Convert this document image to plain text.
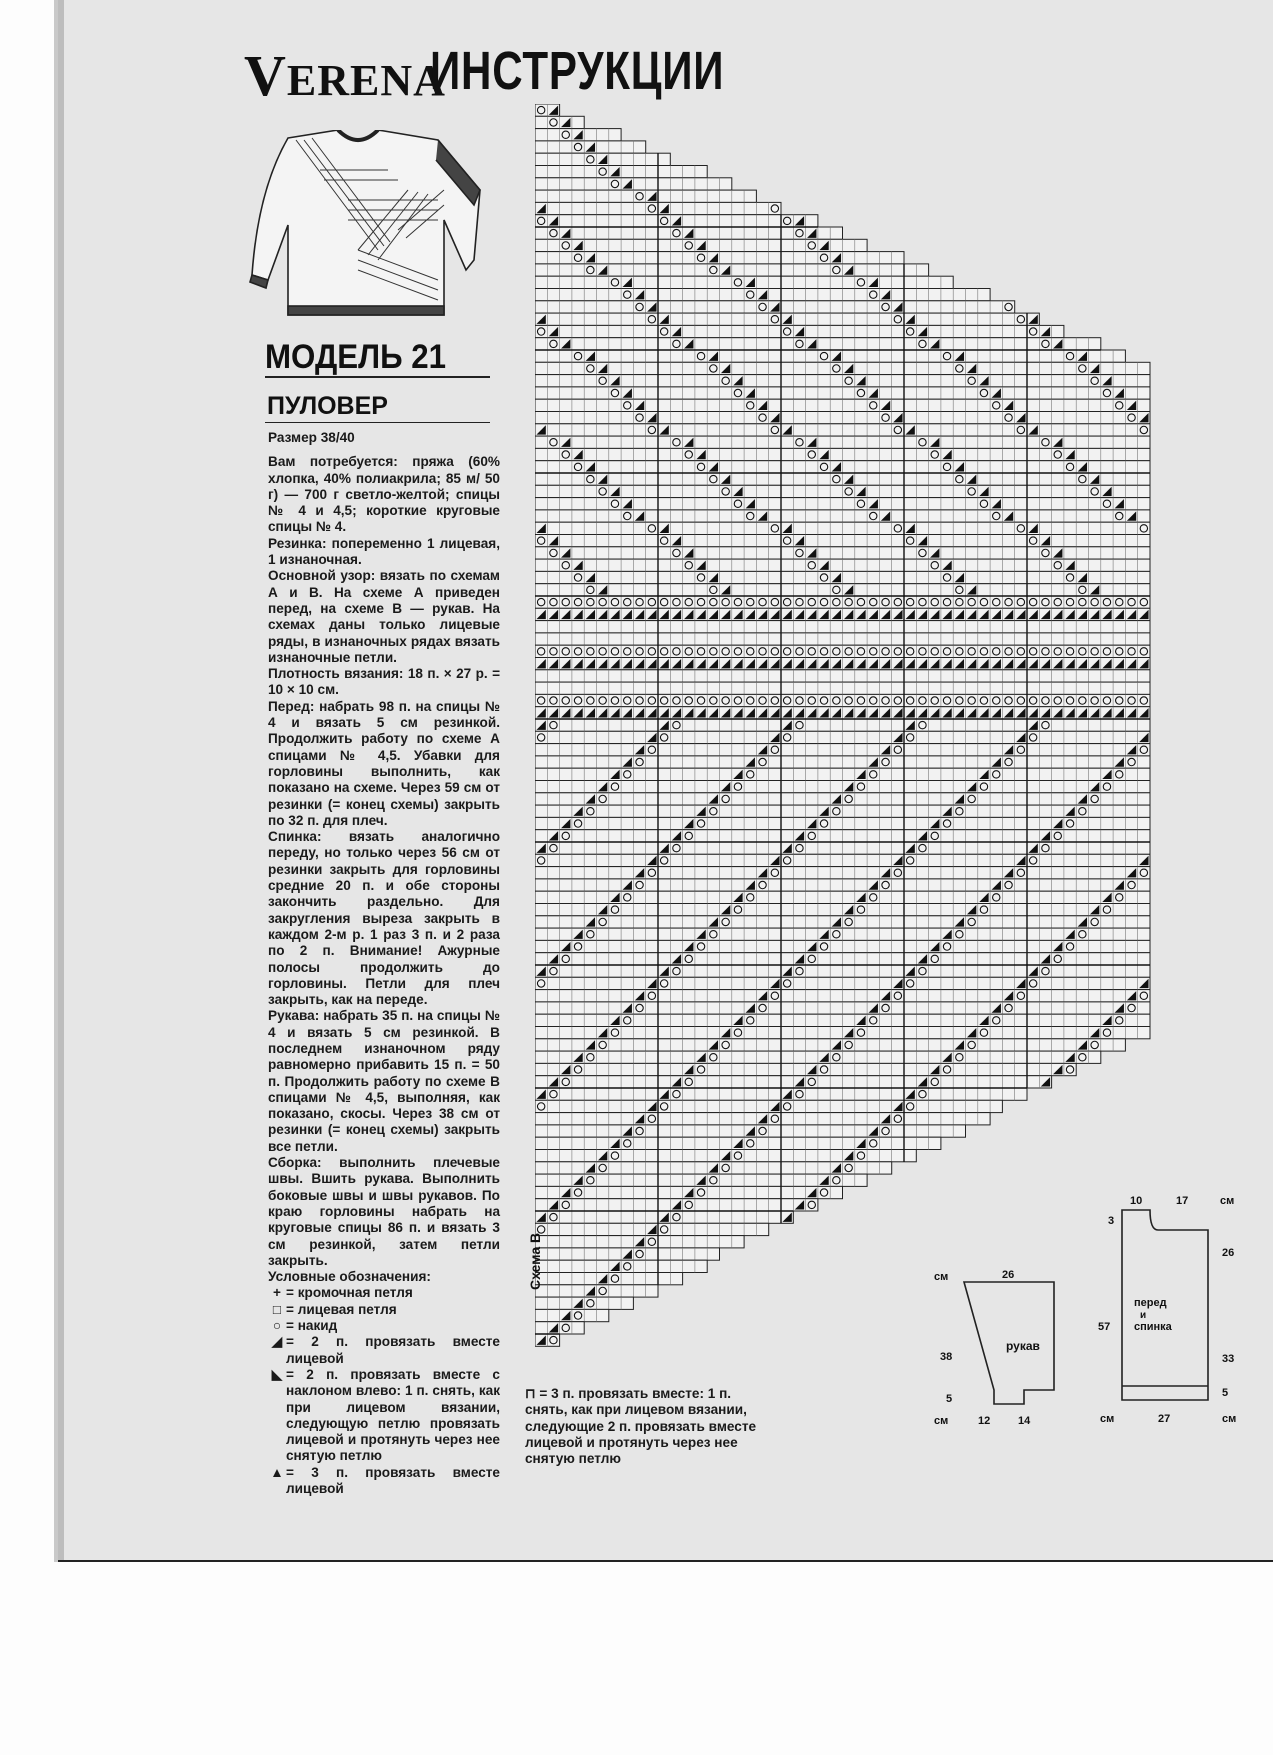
VERENA
ИНСТРУКЦИИ
МОДЕЛЬ 21
ПУЛОВЕР

Размер 38/40

Вам потребуется: пряжа (60% хлопка, 40% полиакрила; 85 м/ 50 г) — 700 г светло-желтой; спицы № 4 и 4,5; короткие круговые спицы № 4.

Резинка: попеременно 1 лицевая, 1 изнаночная.

Основной узор: вязать по схемам А и В. На схеме А приведен перед, на схеме В — рукав. На схемах даны только лицевые ряды, в изнаночных рядах вязать изнаночные петли.

Плотность вязания: 18 п. × 27 р. = 10 × 10 см.

Перед: набрать 98 п. на спицы № 4 и вязать 5 см резинкой. Продолжить работу по схеме А спицами № 4,5. Убавки для горловины выполнить, как показано на схеме. Через 59 см от резинки (= конец схемы) закрыть по 32 п. для плеч.

Спинка: вязать аналогично переду, но только через 56 см от резинки закрыть для горловины средние 20 п. и обе стороны закончить раздельно. Для закругления выреза закрыть в каждом 2-м р. 1 раз 3 п. и 2 раза по 2 п. Внимание! Ажурные полосы продолжить до горловины. Петли для плеч закрыть, как на переде.

Рукава: набрать 35 п. на спицы № 4 и вязать 5 см резинкой. В последнем изнаночном ряду равномерно прибавить 15 п. = 50 п. Продолжить работу по схеме В спицами № 4,5, выполняя, как показано, скосы. Через 38 см от резинки (= конец схемы) закрыть все петли.

Сборка: выполнить плечевые швы. Вшить рукава. Выполнить боковые швы и швы рукавов. По краю горловины набрать на круговые спицы 86 п. и вязать 3 см резинкой, затем петли закрыть.

Условные обозначения:

+ = кромочная петля
□ = лицевая петля
○ = накид
◢ = 2 п. провязать вместе лицевой
◣ = 2 п. провязать вместе с наклоном влево: 1 п. снять, как при лицевом вязании, следующую петлю провязать лицевой и протянуть через нее снятую петлю
▲ = 3 п. провязать вместе лицевой
Схема В
⊓ = 3 п. провязать вместе: 1 п. снять, как при лицевом вязании, следующие 2 п. провязать вместе лицевой и протянуть через нее снятую петлю
см	26
рукав
38
5
см	12	14
10	17	см
3
26
перед
и
спинка
57
33
5
см	27	см
